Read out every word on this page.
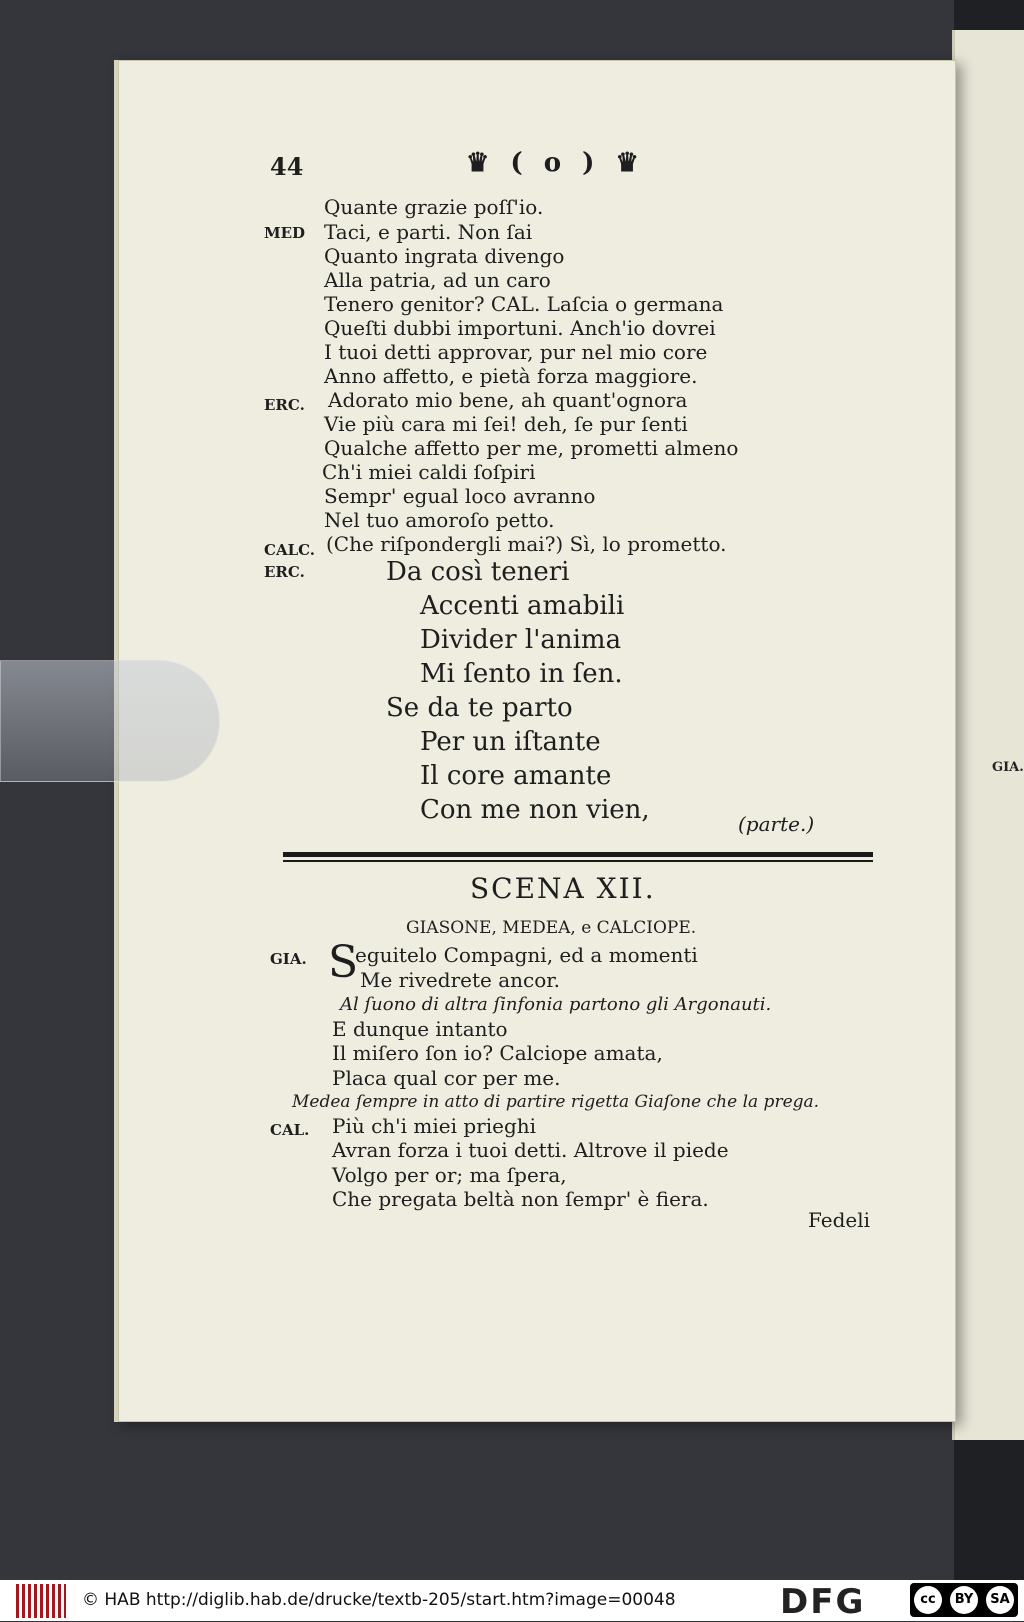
GIA.
44	♛ ( o ) ♛
MED
ERC.
CALC.
Quante grazie poſſ'io.
Taci, e parti. Non ſai
Quanto ingrata divengo
Alla patria, ad un caro
Tenero genitor? CAL. Laſcia o germana
Queſti dubbi importuni. Anch'io dovrei
I tuoi detti approvar, pur nel mio core
Anno affetto, e pietà forza maggiore.
Adorato mio bene, ah quant'ognora
Vie più cara mi ſei! deh, ſe pur ſenti
Qualche affetto per me, prometti almeno
Ch'i miei caldi ſoſpiri
Sempr' egual loco avranno
Nel tuo amoroſo petto.
(Che riſpondergli mai?) Sì, lo prometto.
ERC.	Da così teneri
Accenti amabili
Divider l'anima
Mi ſento in ſen.
Se da te parto
Per un iſtante
Il core amante
Con me non vien,	(parte.)
SCENA XII.
GIASONE, MEDEA, e CALCIOPE.
GIA. S
eguitelo Compagni, ed a momenti
Me rivedrete ancor.
Al ſuono di altra ſinfonia partono gli Argonauti.
E dunque intanto
Il miſero ſon io? Calciope amata,
Placa qual cor per me.
Medea ſempre in atto di partire rigetta Giaſone che la prega.
CAL. Più ch'i miei prieghi
Avran forza i tuoi detti. Altrove il piede
Volgo per or; ma ſpera,
Che pregata beltà non ſempr' è fiera.
Fedeli
© HAB http://diglib.hab.de/drucke/textb-205/start.htm?image=00048	DFG	cc	BY	SA
